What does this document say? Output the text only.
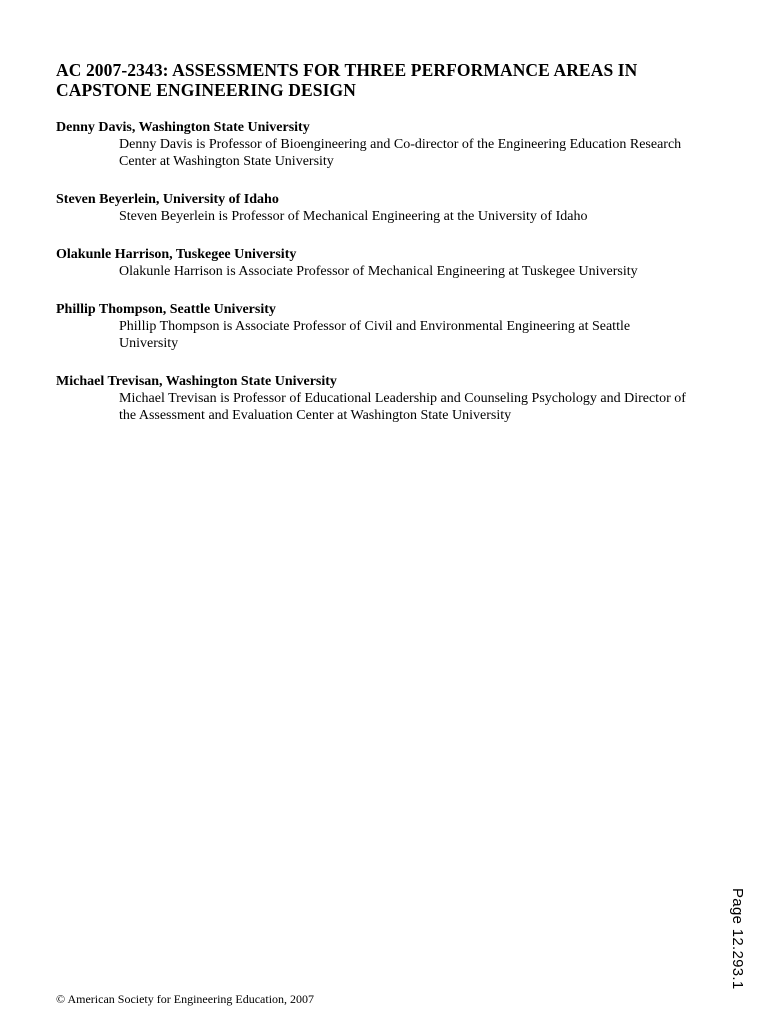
AC 2007-2343: ASSESSMENTS FOR THREE PERFORMANCE AREAS IN
CAPSTONE ENGINEERING DESIGN
Denny Davis, Washington State University
Denny Davis is Professor of Bioengineering and Co-director of the Engineering Education Research Center at Washington State University
Steven Beyerlein, University of Idaho
Steven Beyerlein is Professor of Mechanical Engineering at the University of Idaho
Olakunle Harrison, Tuskegee University
Olakunle Harrison is Associate Professor of Mechanical Engineering at Tuskegee University
Phillip Thompson, Seattle University
Phillip Thompson is Associate Professor of Civil and Environmental Engineering at Seattle University
Michael Trevisan, Washington State University
Michael Trevisan is Professor of Educational Leadership and Counseling Psychology and Director of the Assessment and Evaluation Center at Washington State University
Page 12.293.1
© American Society for Engineering Education, 2007
